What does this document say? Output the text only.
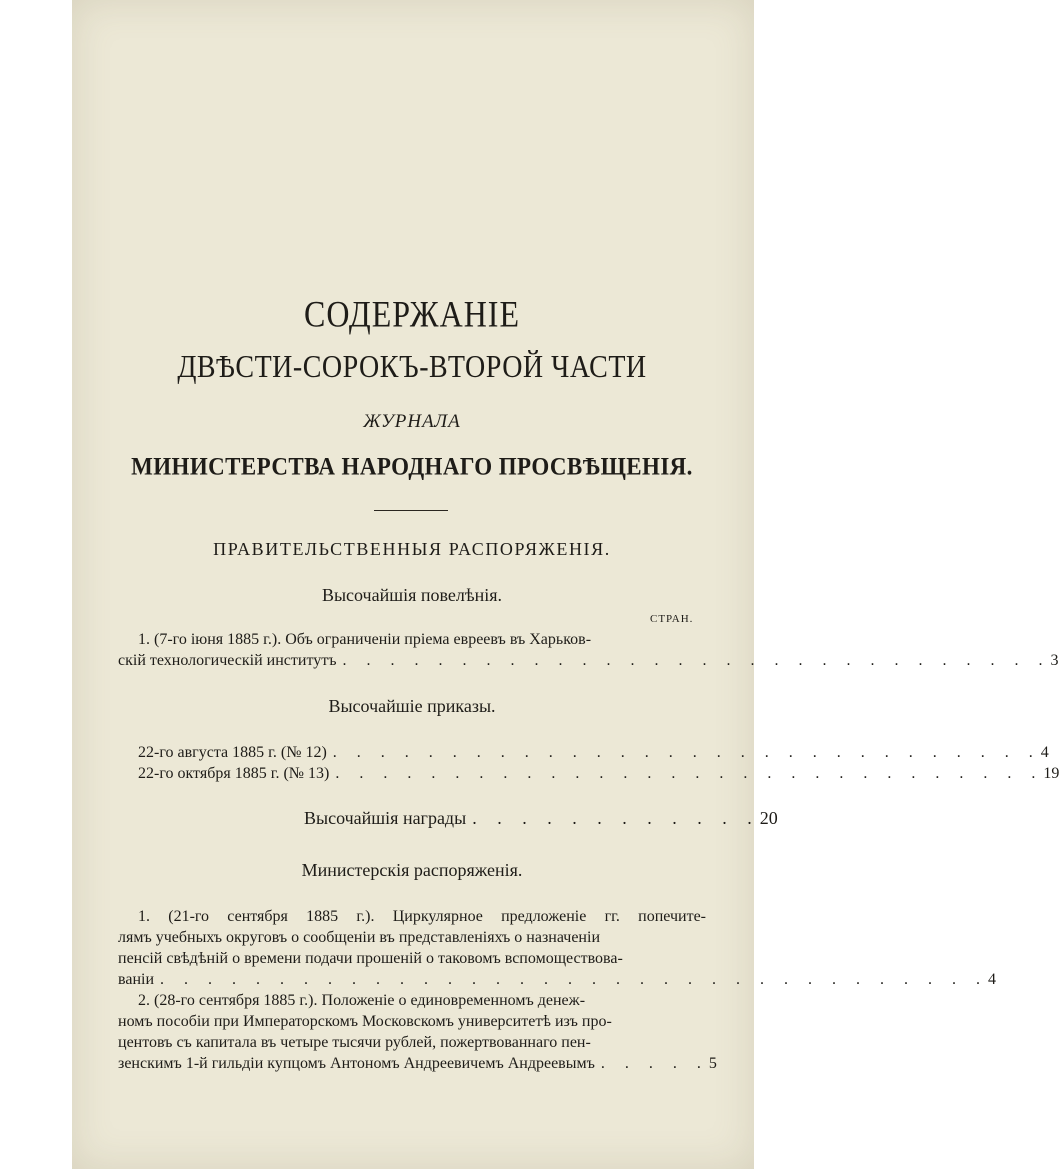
СОДЕРЖАНІЕ
ДВѢСТИ-СОРОКЪ-ВТОРОЙ ЧАСТИ
ЖУРНАЛА
МИНИСТЕРСТВА НАРОДНАГО ПРОСВѢЩЕНІЯ.
ПРАВИТЕЛЬСТВЕННЫЯ РАСПОРЯЖЕНІЯ.
Высочайшія повелѣнія.
СТРАН.
1. (7-го іюня 1885 г.). Объ ограниченіи пріема евреевъ въ Харьков-
скій технологическій институтъ . . . . . . . . . . . . . . . . . . . . . . . . . . . . . . 3
Высочайшіе приказы.
22-го августа 1885 г. (№ 12) . . . . . . . . . . . . . . . . . . . . . . . . . . . . . . 4
22-го октября 1885 г. (№ 13) . . . . . . . . . . . . . . . . . . . . . . . . . . . . . . 19
Высочайшія награды . . . . . . . . . . . . 20
Министерскія распоряженія.
1. (21-го сентября 1885 г.). Циркулярное предложеніе гг. попечите-
лямъ учебныхъ округовъ о сообщеніи въ представленіяхъ о назначеніи
пенсій свѣдѣній о времени подачи прошеній о таковомъ вспомоществова-
ваніи . . . . . . . . . . . . . . . . . . . . . . . . . . . . . . . . . . . 4
2. (28-го сентября 1885 г.). Положеніе о единовременномъ денеж-
номъ пособіи при Императорскомъ Московскомъ университетѣ изъ про-
центовъ съ капитала въ четыре тысячи рублей, пожертвованнаго пен-
зенскимъ 1-й гильдіи купцомъ Антономъ Андреевичемъ Андреевымъ . . . . . 5
